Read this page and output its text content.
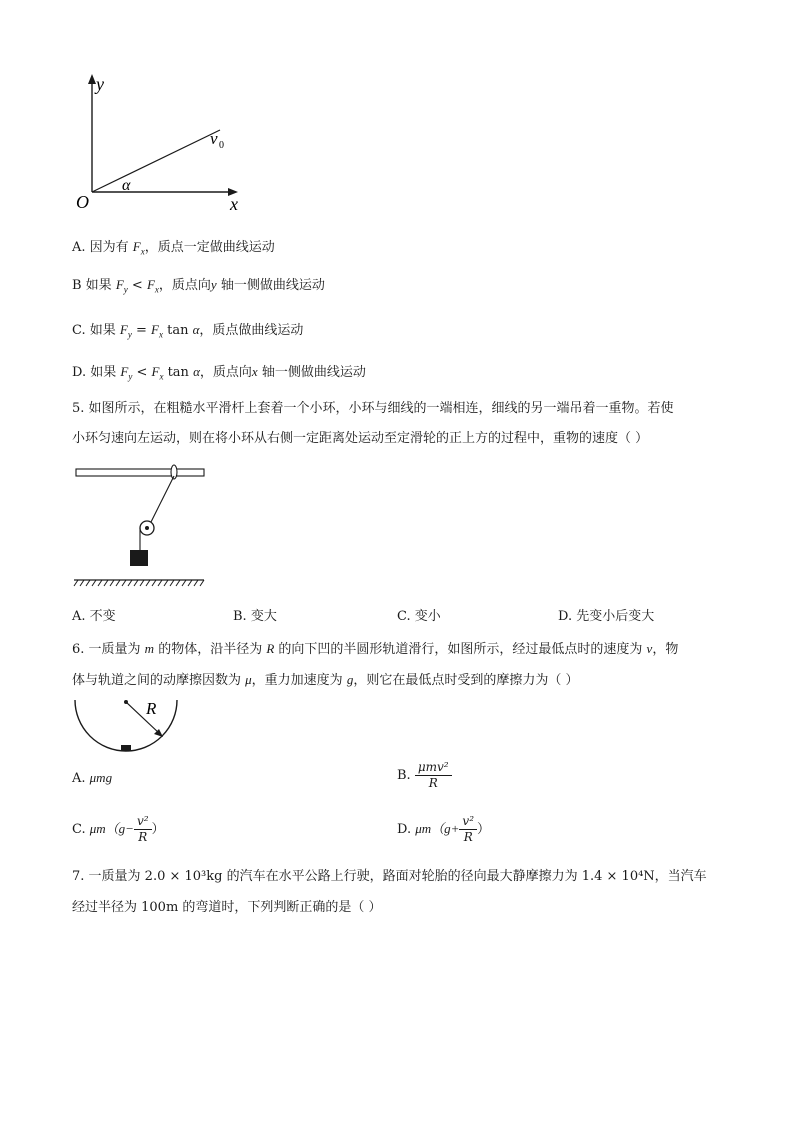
y
x
O
v 0
α
A. 因为有 $F_x$，质点一定做曲线运动
B 如果 $F_y < F_x$，质点向y 轴一侧做曲线运动
C. 如果 $F_y = F_x$ tan α，质点做曲线运动
D. 如果 $F_y < F_x$ tan α，质点向x 轴一侧做曲线运动
5. 如图所示，在粗糙水平滑杆上套着一个小环，小环与细线的一端相连，细线的另一端吊着一重物。若使
小环匀速向左运动，则在将小环从右侧一定距离处运动至定滑轮的正上方的过程中，重物的速度（ ）
A. 不变	B. 变大	C. 变小	D. 先变小后变大
6. 一质量为 m 的物体，沿半径为 R 的向下凹的半圆形轨道滑行，如图所示，经过最低点时的速度为 v，物
体与轨道之间的动摩擦因数为 μ，重力加速度为 g，则它在最低点时受到的摩擦力为（ ）
R
A. μmg	B. $\frac{\text{μmv²}}{R}$
C. $\mu m(g- \frac{\text{v²}}{R}$ ）	D. $\mu m(g+ \frac{\text{v²}}{R}$ ）
7. 一质量为 2.0 × 10³kg 的汽车在水平公路上行驶，路面对轮胎的径向最大静摩擦力为 1.4 × 10⁴N，当汽车
经过半径为 100m 的弯道时，下列判断正确的是（ ）
